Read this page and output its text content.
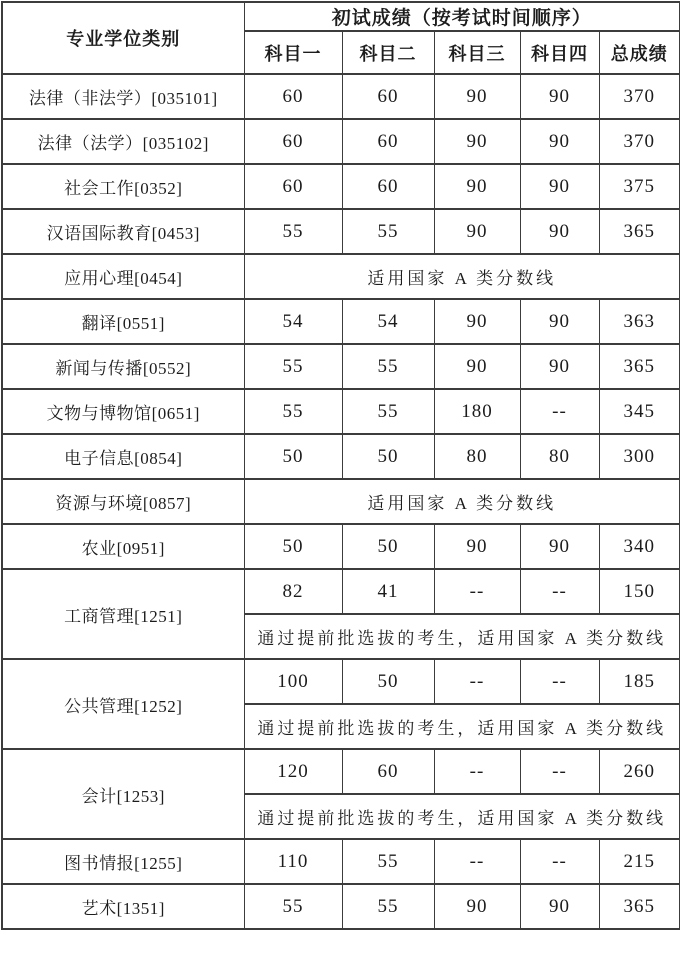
专业学位类别	初试成绩（按考试时间顺序）				
	科目一	科目二	科目三	科目四	总成绩
法律（非法学）[035101]	60	60	90	90	370
法律（法学）[035102]	60	60	90	90	370
社会工作[0352]	60	60	90	90	375
汉语国际教育[0453]	55	55	90	90	365
应用心理[0454]	适用国家 A 类分数线				
翻译[0551]	54	54	90	90	363
新闻与传播[0552]	55	55	90	90	365
文物与博物馆[0651]	55	55	180	--	345
电子信息[0854]	50	50	80	80	300
资源与环境[0857]	适用国家 A 类分数线				
农业[0951]	50	50	90	90	340
工商管理[1251]	82	41	--	--	150
	通过提前批选拔的考生，适用国家 A 类分数线				
公共管理[1252]	100	50	--	--	185
	通过提前批选拔的考生，适用国家 A 类分数线				
会计[1253]	120	60	--	--	260
	通过提前批选拔的考生，适用国家 A 类分数线				
图书情报[1255]	110	55	--	--	215
艺术[1351]	55	55	90	90	365
